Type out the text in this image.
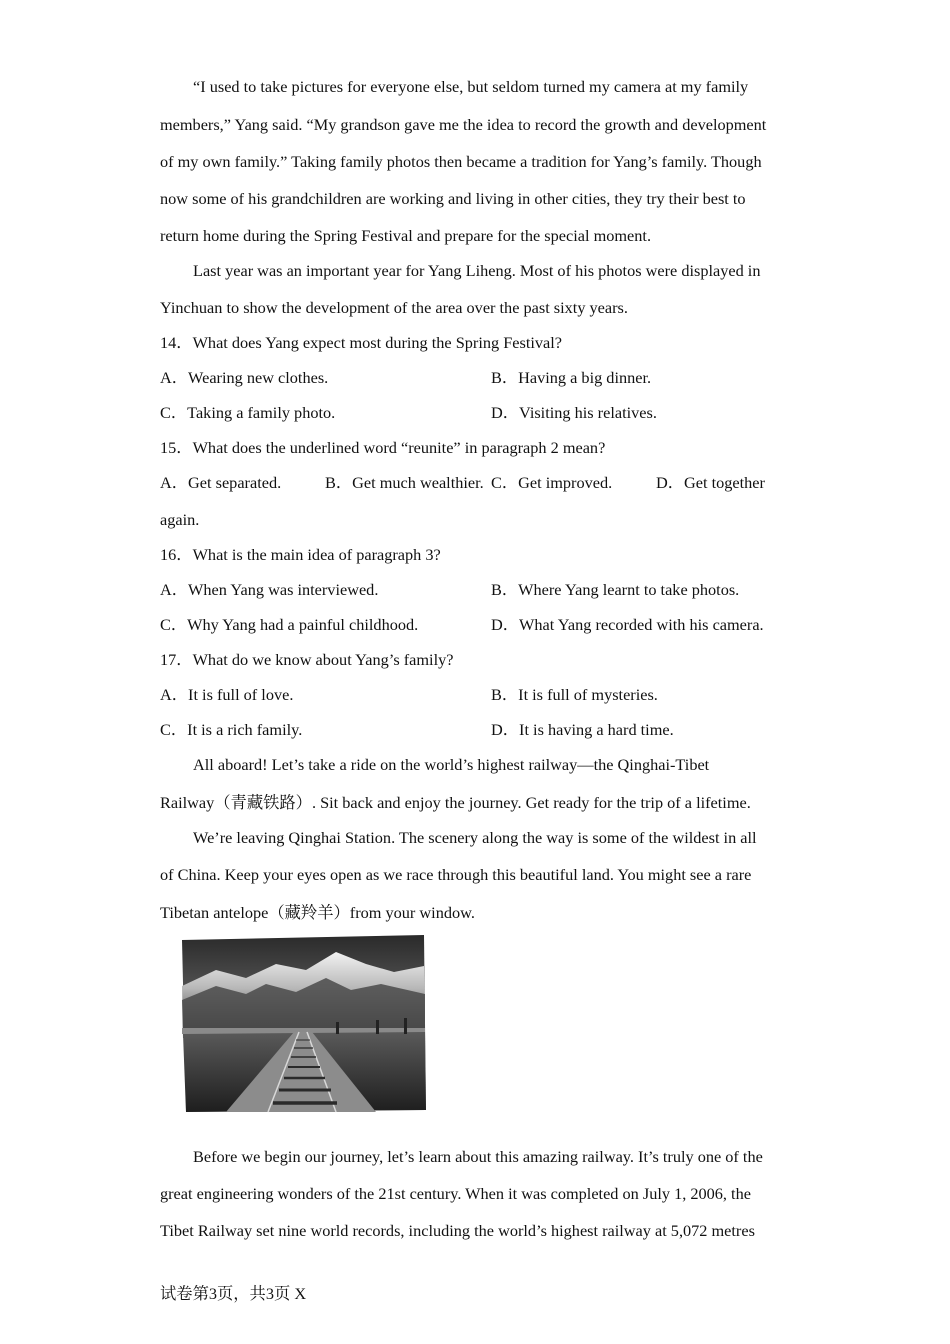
“I used to take pictures for everyone else, but seldom turned my camera at my family
members,” Yang said. “My grandson gave me the idea to record the growth and development
of my own family.” Taking family photos then became a tradition for Yang’s family. Though
now some of his grandchildren are working and living in other cities, they try their best to
return home during the Spring Festival and prepare for the special moment.
Last year was an important year for Yang Liheng. Most of his photos were displayed in
Yinchuan to show the development of the area over the past sixty years.
14．What does Yang expect most during the Spring Festival?
A．Wearing new clothes.	B．Having a big dinner.
C．Taking a family photo.	D．Visiting his relatives.
15．What does the underlined word “reunite” in paragraph 2 mean?
A．Get separated.	B．Get much wealthier. C．Get improved.	D．Get together
again.
16．What is the main idea of paragraph 3?
A．When Yang was interviewed.	B．Where Yang learnt to take photos.
C．Why Yang had a painful childhood.	D．What Yang recorded with his camera.
17．What do we know about Yang’s family?
A．It is full of love.	B．It is full of mysteries.
C．It is a rich family.	D．It is having a hard time.
All aboard! Let’s take a ride on the world’s highest railway—the Qinghai-Tibet
Railway（青藏铁路）. Sit back and enjoy the journey. Get ready for the trip of a lifetime.
We’re leaving Qinghai Station. The scenery along the way is some of the wildest in all
of China. Keep your eyes open as we race through this beautiful land. You might see a rare
Tibetan antelope（藏羚羊）from your window.
Before we begin our journey, let’s learn about this amazing railway. It’s truly one of the
great engineering wonders of the 21st century. When it was completed on July 1, 2006, the
Tibet Railway set nine world records, including the world’s highest railway at 5,072 metres
试卷第3页，共3页 X
